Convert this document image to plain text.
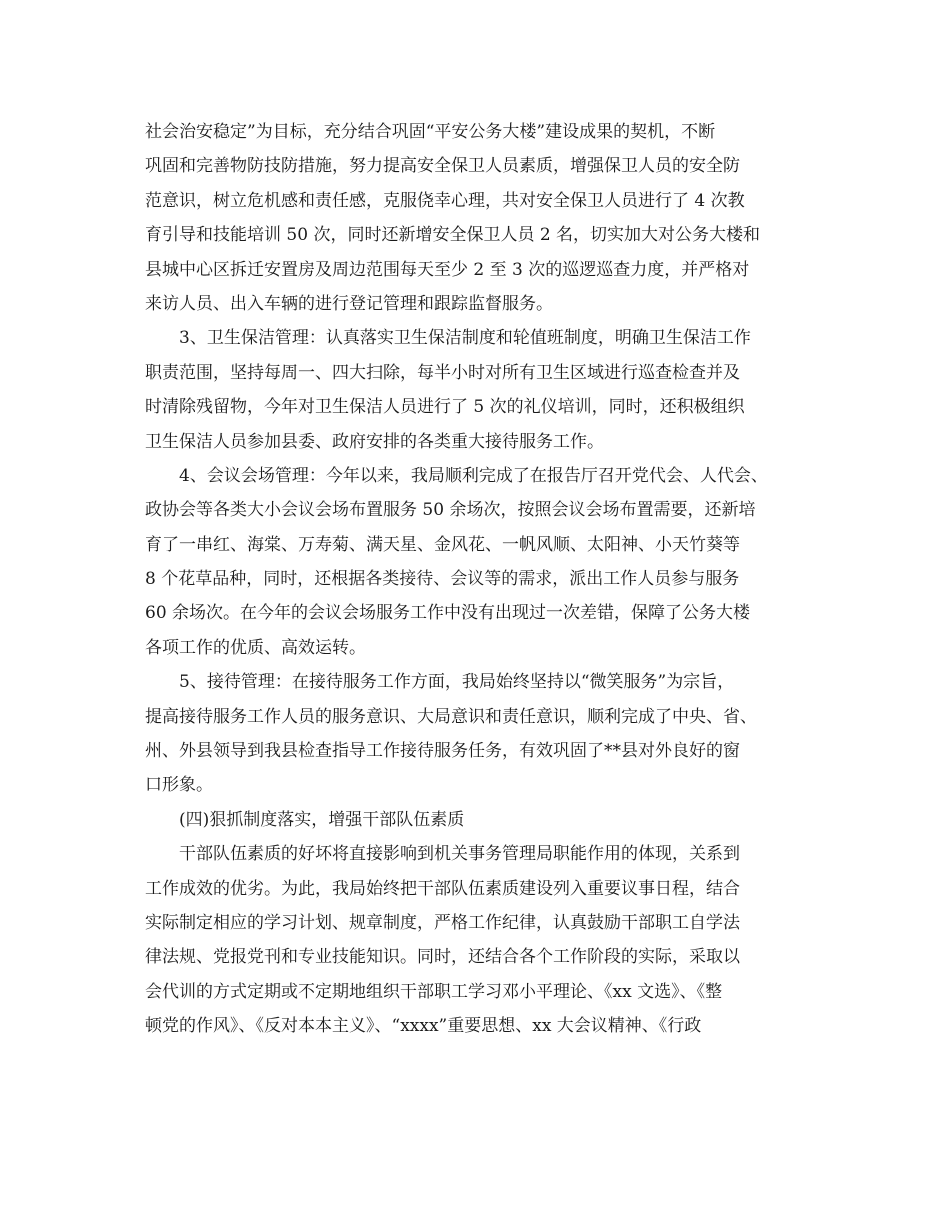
社会治安稳定”为目标，充分结合巩固“平安公务大楼”建设成果的契机，不断
巩固和完善物防技防措施，努力提高安全保卫人员素质，增强保卫人员的安全防
范意识，树立危机感和责任感，克服侥幸心理，共对安全保卫人员进行了 4 次教
育引导和技能培训 50 次，同时还新增安全保卫人员 2 名，切实加大对公务大楼和
县城中心区拆迁安置房及周边范围每天至少 2 至 3 次的巡逻巡查力度，并严格对
来访人员、出入车辆的进行登记管理和跟踪监督服务。
3、卫生保洁管理：认真落实卫生保洁制度和轮值班制度，明确卫生保洁工作
职责范围，坚持每周一、四大扫除，每半小时对所有卫生区域进行巡查检查并及
时清除残留物，今年对卫生保洁人员进行了 5 次的礼仪培训，同时，还积极组织
卫生保洁人员参加县委、政府安排的各类重大接待服务工作。
4、会议会场管理：今年以来，我局顺利完成了在报告厅召开党代会、人代会、
政协会等各类大小会议会场布置服务 50 余场次，按照会议会场布置需要，还新培
育了一串红、海棠、万寿菊、满天星、金风花、一帆风顺、太阳神、小天竹葵等
8 个花草品种，同时，还根据各类接待、会议等的需求，派出工作人员参与服务
60 余场次。在今年的会议会场服务工作中没有出现过一次差错，保障了公务大楼
各项工作的优质、高效运转。
5、接待管理：在接待服务工作方面，我局始终坚持以“微笑服务”为宗旨，
提高接待服务工作人员的服务意识、大局意识和责任意识，顺利完成了中央、省、
州、外县领导到我县检查指导工作接待服务任务，有效巩固了**县对外良好的窗
口形象。
(四)狠抓制度落实，增强干部队伍素质
干部队伍素质的好坏将直接影响到机关事务管理局职能作用的体现，关系到
工作成效的优劣。为此，我局始终把干部队伍素质建设列入重要议事日程，结合
实际制定相应的学习计划、规章制度，严格工作纪律，认真鼓励干部职工自学法
律法规、党报党刊和专业技能知识。同时，还结合各个工作阶段的实际，采取以
会代训的方式定期或不定期地组织干部职工学习邓小平理论、《xx 文选》、《整
顿党的作风》、《反对本本主义》、“xxxx”重要思想、xx 大会议精神、《行政
